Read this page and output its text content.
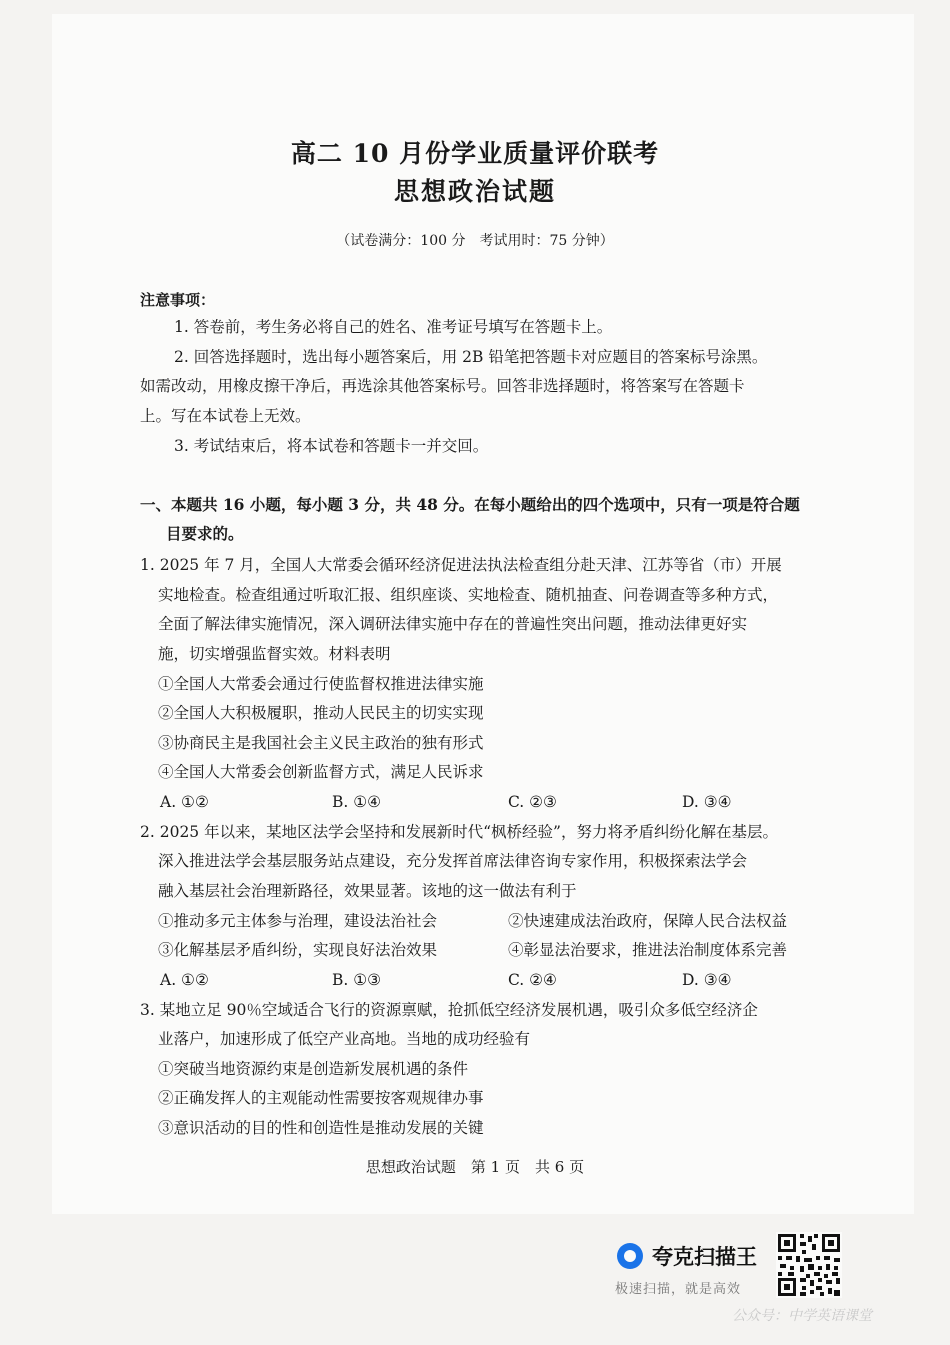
高二 10 月份学业质量评价联考
思想政治试题
（试卷满分：100 分　考试用时：75 分钟）
注意事项：
1. 答卷前，考生务必将自己的姓名、准考证号填写在答题卡上。
2. 回答选择题时，选出每小题答案后，用 2B 铅笔把答题卡对应题目的答案标号涂黑。
如需改动，用橡皮擦干净后，再选涂其他答案标号。回答非选择题时，将答案写在答题卡
上。写在本试卷上无效。
3. 考试结束后，将本试卷和答题卡一并交回。
一、本题共 16 小题，每小题 3 分，共 48 分。在每小题给出的四个选项中，只有一项是符合题
目要求的。
1. 2025 年 7 月，全国人大常委会循环经济促进法执法检查组分赴天津、江苏等省（市）开展
实地检查。检查组通过听取汇报、组织座谈、实地检查、随机抽查、问卷调查等多种方式，
全面了解法律实施情况，深入调研法律实施中存在的普遍性突出问题，推动法律更好实
施，切实增强监督实效。材料表明
①全国人大常委会通过行使监督权推进法律实施
②全国人大积极履职，推动人民民主的切实实现
③协商民主是我国社会主义民主政治的独有形式
④全国人大常委会创新监督方式，满足人民诉求
A. ①②	B. ①④	C. ②③	D. ③④
2. 2025 年以来，某地区法学会坚持和发展新时代“枫桥经验”，努力将矛盾纠纷化解在基层。
深入推进法学会基层服务站点建设，充分发挥首席法律咨询专家作用，积极探索法学会
融入基层社会治理新路径，效果显著。该地的这一做法有利于
①推动多元主体参与治理，建设法治社会	②快速建成法治政府，保障人民合法权益
③化解基层矛盾纠纷，实现良好法治效果	④彰显法治要求，推进法治制度体系完善
A. ①②	B. ①③	C. ②④	D. ③④
3. 某地立足 90％空域适合飞行的资源禀赋，抢抓低空经济发展机遇，吸引众多低空经济企
业落户，加速形成了低空产业高地。当地的成功经验有
①突破当地资源约束是创造新发展机遇的条件
②正确发挥人的主观能动性需要按客观规律办事
③意识活动的目的性和创造性是推动发展的关键
思想政治试题　第 1 页　共 6 页
夸克扫描王
极速扫描，就是高效
公众号：中学英语课堂
